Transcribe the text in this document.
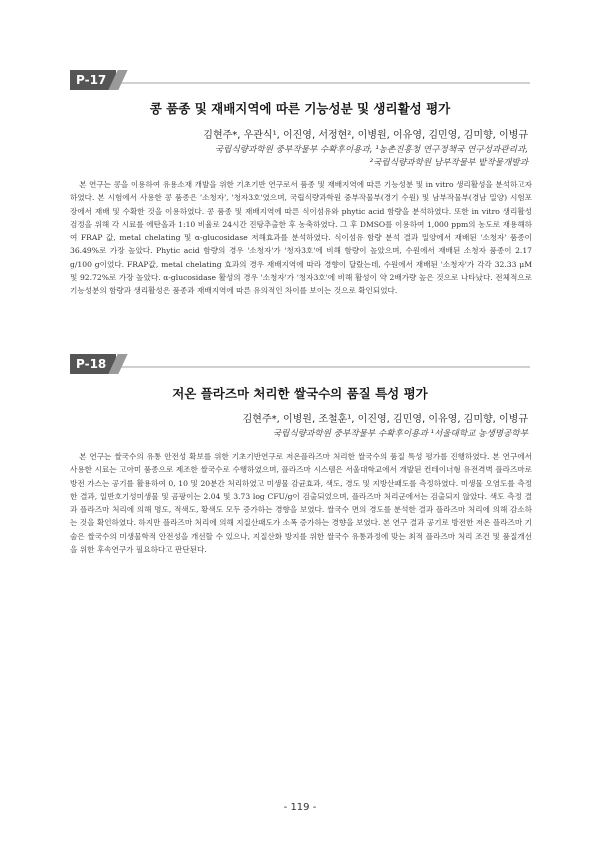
P-17
콩 품종 및 재배지역에 따른 기능성분 및 생리활성 평가
김현주*, 우관식¹, 이진영, 서정현², 이병원, 이유영, 김민영, 김미향, 이병규
국립식량과학원 중부작물부 수확후이용과, ¹농촌진흥청 연구정책국 연구성과관리과,
²국립식량과학원 남부작물부 밭작물개발과
본 연구는 콩을 이용하여 유용소재 개발을 위한 기초기반 연구로서 품종 및 재배지역에 따른 기능성분 및 in vitro 생리활성을 분석하고자 하였다. 본 시험에서 사용한 콩 품종은 '소청자', '청자3호'였으며, 국립식량과학원 중부작물부(경기 수원) 및 남부작물부(경남 밀양) 시험포장에서 재배 및 수확한 것을 이용하였다. 콩 품종 및 재배지역에 따른 식이섬유와 phytic acid 함량을 분석하였다. 또한 in vitro 생리활성 검정을 위해 각 시료를 에탄올과 1:10 비율로 24시간 진탕추출한 후 농축하였다. 그 후 DMSO를 이용하여 1,000 ppm의 농도로 재용해하여 FRAP 값, metal chelating 및 α-glucosidase 저해효과를 분석하였다. 식이섬유 함량 분석 결과 밀양에서 재배된 '소청자' 품종이 36.49%로 가장 높았다. Phytic acid 함량의 경우 '소청자'가 '청자3호'에 비해 함량이 높았으며, 수원에서 재배된 소청자 품종이 2.17 g/100 g이었다. FRAP값, metal chelating 효과의 경우 재배지역에 따라 경향이 달랐는데, 수원에서 재배된 '소청자'가 각각 32.33 μM 및 92.72%로 가장 높았다. α-glucosidase 활성의 경우 '소청자'가 '청자3호'에 비해 활성이 약 2배가량 높은 것으로 나타났다. 전체적으로 기능성분의 함량과 생리활성은 품종과 재배지역에 따른 유의적인 차이를 보이는 것으로 확인되었다.
P-18
저온 플라즈마 처리한 쌀국수의 품질 특성 평가
김현주*, 이병원, 조철훈¹, 이진영, 김민영, 이유영, 김미향, 이병규
국립식량과학원 중부작물부 수확후이용과 ¹서울대학교 농생명공학부
본 연구는 쌀국수의 유통 안전성 확보를 위한 기초기반연구로 저온플라즈마 처리한 쌀국수의 품질 특성 평가를 진행하였다. 본 연구에서 사용한 시료는 고아미 품종으로 제조한 쌀국수로 수행하였으며, 플라즈마 시스템은 서울대학교에서 개발된 컨테이너형 유전격벽 플라즈마로 방전 가스는 공기를 활용하여 0, 10 및 20분간 처리하였고 미생물 감균효과, 색도, 경도 및 지방산패도를 측정하였다. 미생물 오염도를 측정한 결과, 일반호기성미생물 및 곰팡이는 2.04 및 3.73 log CFU/g이 검출되었으며, 플라즈마 처리군에서는 검출되지 않았다. 색도 측정 결과 플라즈마 처리에 의해 명도, 적색도, 황색도 모두 증가하는 경향을 보였다. 쌀국수 면의 경도를 분석한 결과 플라즈마 처리에 의해 감소하는 것을 확인하였다. 하지만 플라즈마 처리에 의해 지질산패도가 소폭 증가하는 경향을 보였다. 본 연구 결과 공기로 방전한 저온 플라즈마 기술은 쌀국수의 미생물학적 안전성을 개선할 수 있으나, 지질산화 방지를 위한 쌀국수 유통과정에 맞는 최적 플라즈마 처리 조건 및 품질개선을 위한 후속연구가 필요하다고 판단된다.
- 119 -
